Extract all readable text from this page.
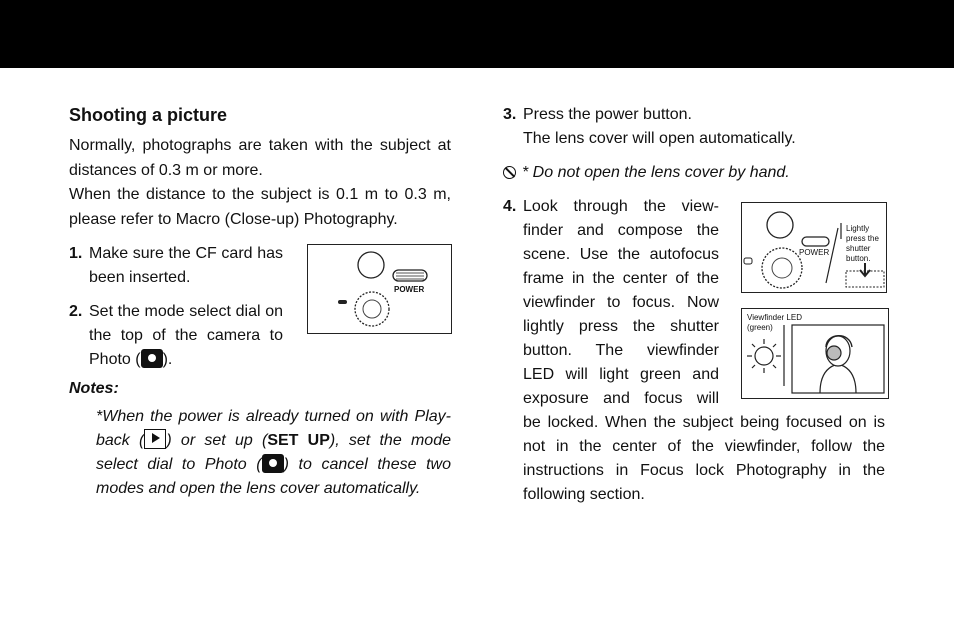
Shooting a picture

Normally, photographs are taken with the subject at distances of 0.3 m or more.

When the distance to the subject is 0.1 m to 0.3 m, please refer to Macro (Close-up) Photography.

1. Make sure the CF card has been inserted.
2. Set the mode select dial on the top of the camera to Photo ( ).
Notes:
*When the power is already turned on with Play-back ( ) or set up (SET UP), set the mode select dial to Photo ( ) to cancel these two modes and open the lens cover automatically.
POWER
3. Press the power button.
The lens cover will open automatically.
* Do not open the lens cover by hand.
4. Look through the view-
finder and compose the
scene. Use the autofocus
frame in the center of the
viewfinder to focus. Now
lightly press the shutter
button. The viewfinder
LED will light green and
exposure and focus will
be locked. When the subject being focused on is not in the center of the viewfinder, follow the instructions in Focus lock Photography in the following section.
POWER
Lightly
press the
shutter
button.
Viewfinder LED
(green)
